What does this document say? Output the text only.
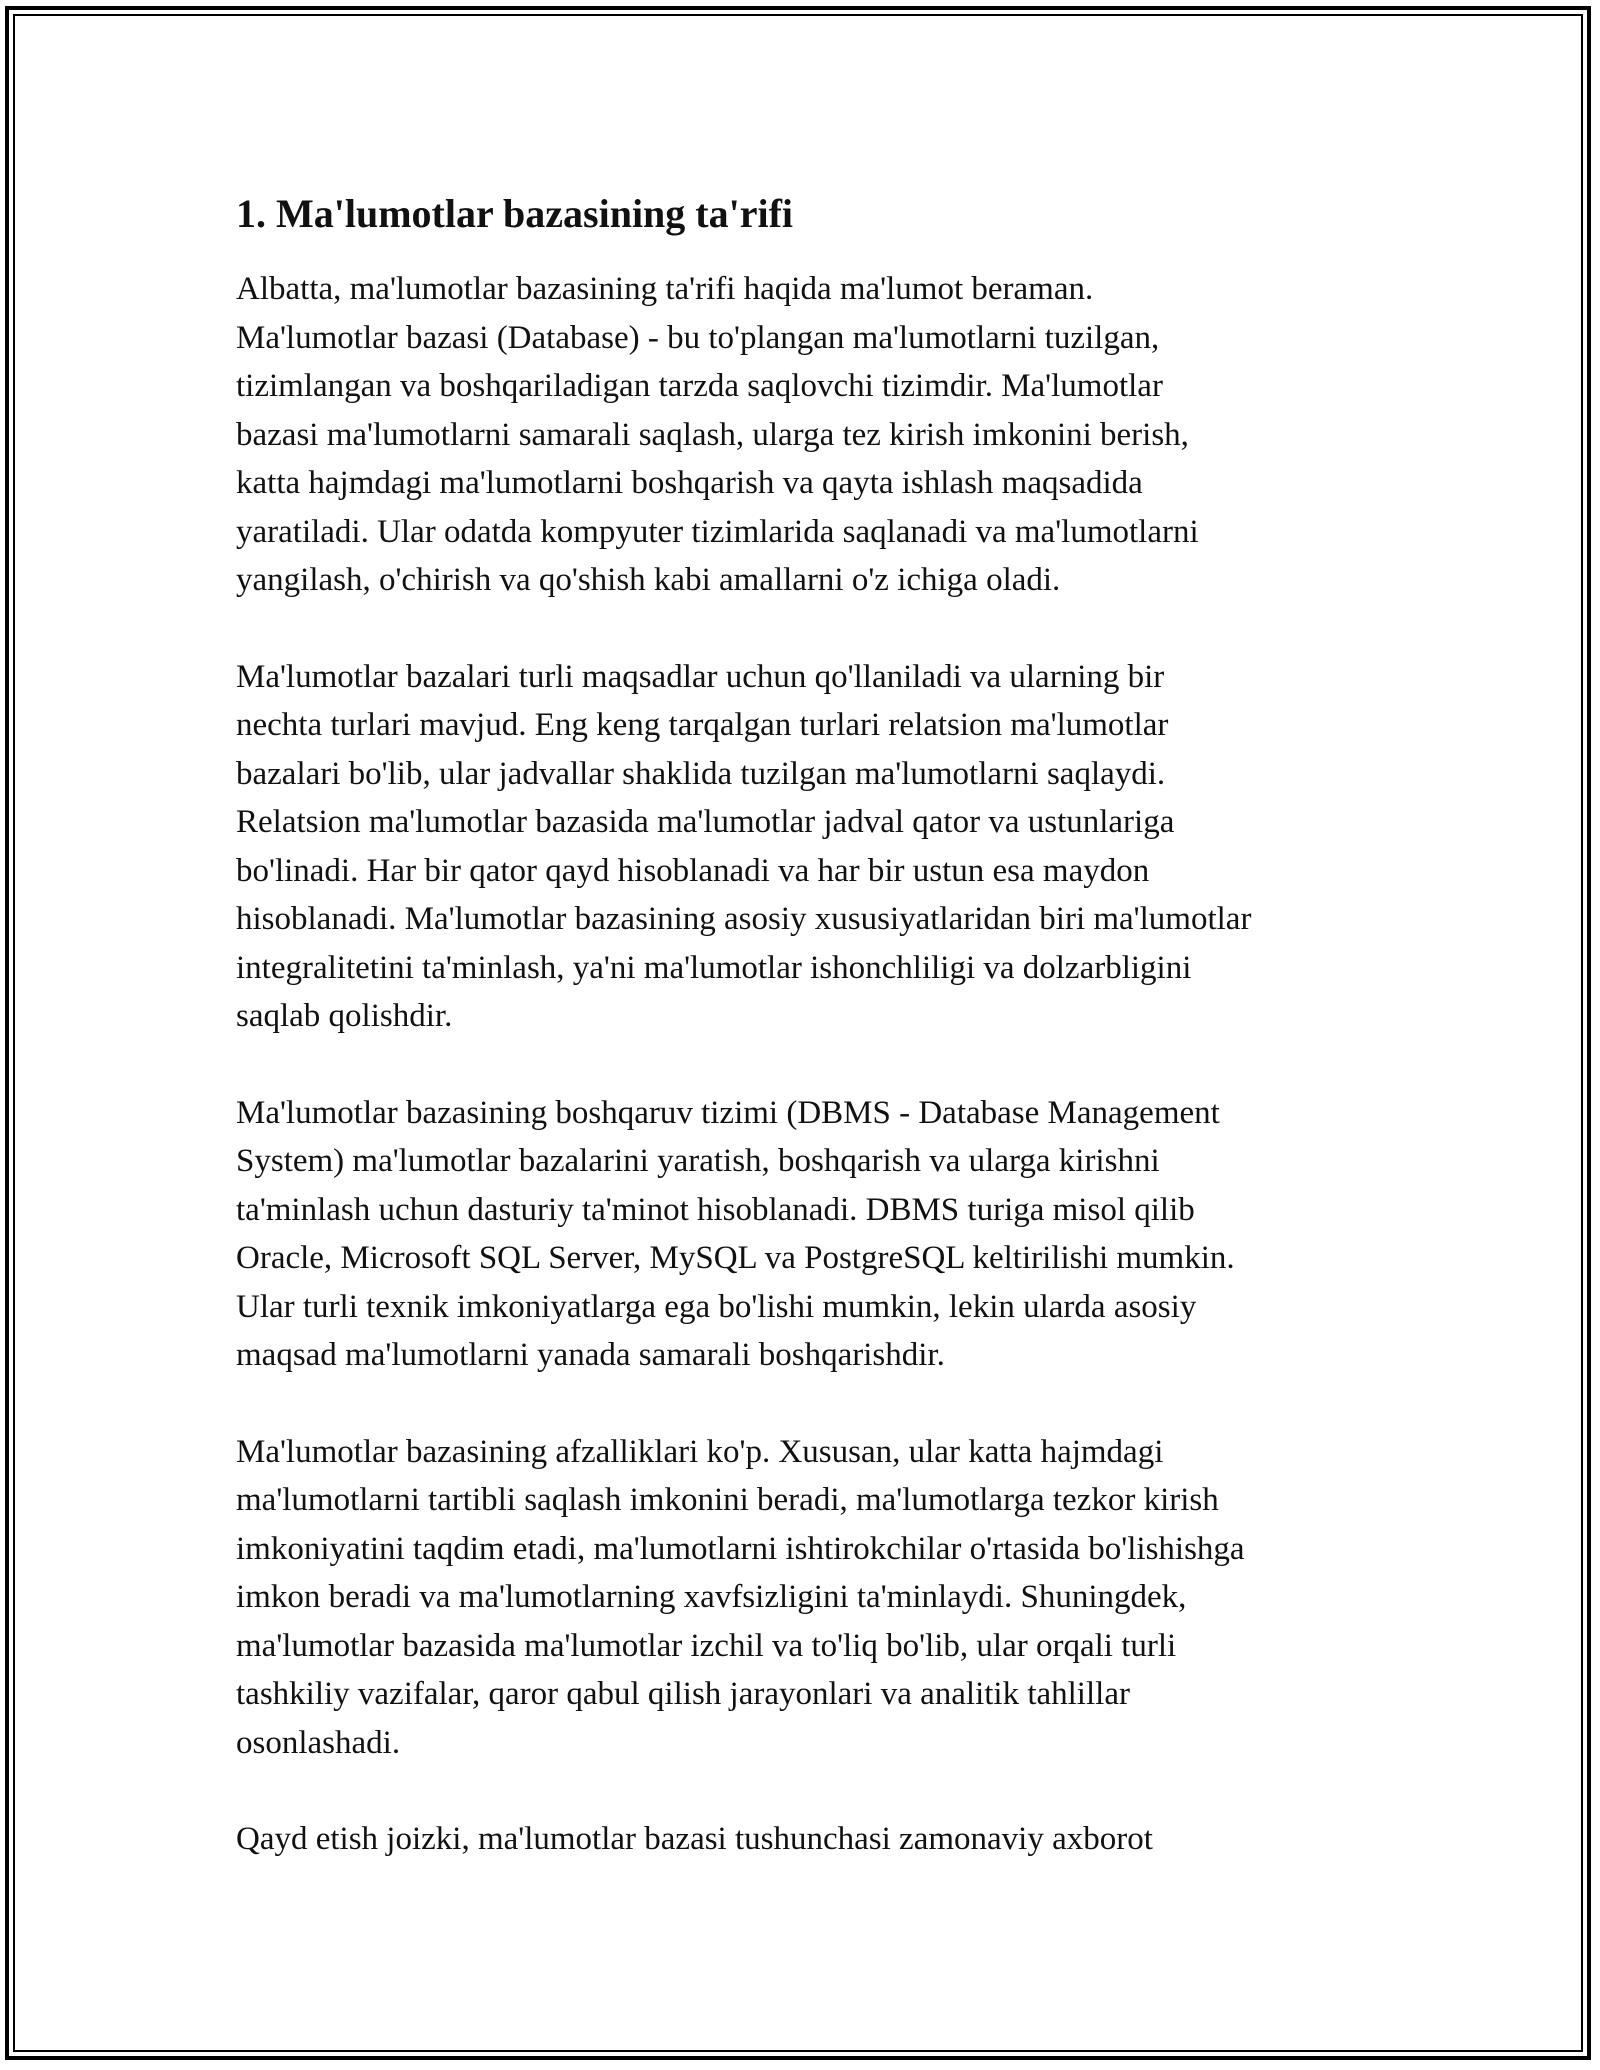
1. Ma'lumotlar bazasining ta'rifi

Albatta, ma'lumotlar bazasining ta'rifi haqida ma'lumot beraman.
Ma'lumotlar bazasi (Database) - bu to'plangan ma'lumotlarni tuzilgan,
tizimlangan va boshqariladigan tarzda saqlovchi tizimdir. Ma'lumotlar
bazasi ma'lumotlarni samarali saqlash, ularga tez kirish imkonini berish,
katta hajmdagi ma'lumotlarni boshqarish va qayta ishlash maqsadida
yaratiladi. Ular odatda kompyuter tizimlarida saqlanadi va ma'lumotlarni
yangilash, o'chirish va qo'shish kabi amallarni o'z ichiga oladi.

Ma'lumotlar bazalari turli maqsadlar uchun qo'llaniladi va ularning bir
nechta turlari mavjud. Eng keng tarqalgan turlari relatsion ma'lumotlar
bazalari bo'lib, ular jadvallar shaklida tuzilgan ma'lumotlarni saqlaydi.
Relatsion ma'lumotlar bazasida ma'lumotlar jadval qator va ustunlariga
bo'linadi. Har bir qator qayd hisoblanadi va har bir ustun esa maydon
hisoblanadi. Ma'lumotlar bazasining asosiy xususiyatlaridan biri ma'lumotlar
integralitetini ta'minlash, ya'ni ma'lumotlar ishonchliligi va dolzarbligini
saqlab qolishdir.

Ma'lumotlar bazasining boshqaruv tizimi (DBMS - Database Management
System) ma'lumotlar bazalarini yaratish, boshqarish va ularga kirishni
ta'minlash uchun dasturiy ta'minot hisoblanadi. DBMS turiga misol qilib
Oracle, Microsoft SQL Server, MySQL va PostgreSQL keltirilishi mumkin.
Ular turli texnik imkoniyatlarga ega bo'lishi mumkin, lekin ularda asosiy
maqsad ma'lumotlarni yanada samarali boshqarishdir.

Ma'lumotlar bazasining afzalliklari ko'p. Xususan, ular katta hajmdagi
ma'lumotlarni tartibli saqlash imkonini beradi, ma'lumotlarga tezkor kirish
imkoniyatini taqdim etadi, ma'lumotlarni ishtirokchilar o'rtasida bo'lishishga
imkon beradi va ma'lumotlarning xavfsizligini ta'minlaydi. Shuningdek,
ma'lumotlar bazasida ma'lumotlar izchil va to'liq bo'lib, ular orqali turli
tashkiliy vazifalar, qaror qabul qilish jarayonlari va analitik tahlillar
osonlashadi.

Qayd etish joizki, ma'lumotlar bazasi tushunchasi zamonaviy axborot
